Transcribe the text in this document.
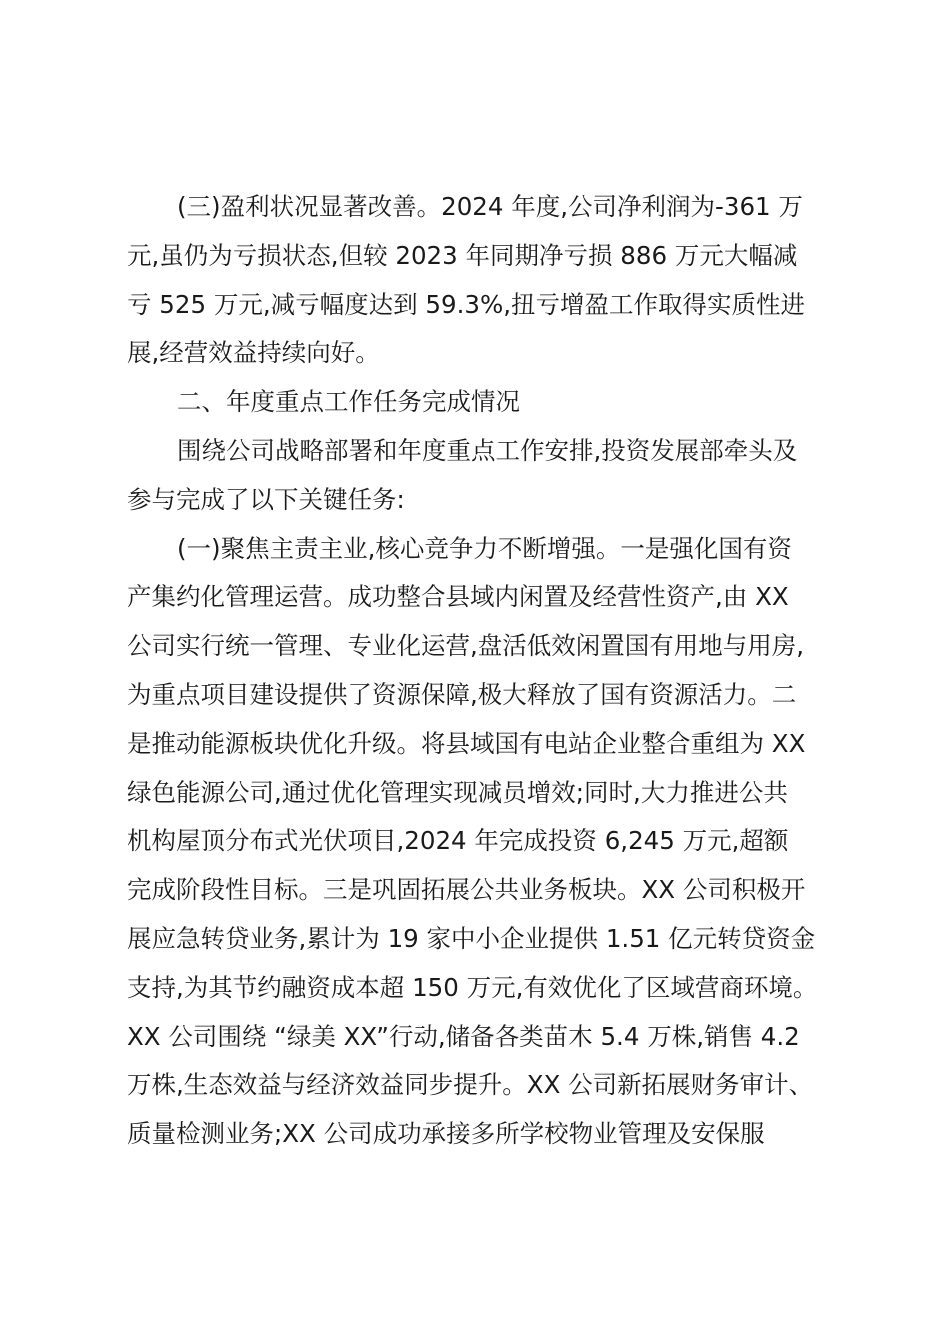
(三)盈利状况显著改善。2024 年度,公司净利润为-361 万
元,虽仍为亏损状态,但较 2023 年同期净亏损 886 万元大幅减
亏 525 万元,减亏幅度达到 59.3%,扭亏增盈工作取得实质性进
展,经营效益持续向好。
二、年度重点工作任务完成情况
围绕公司战略部署和年度重点工作安排,投资发展部牵头及
参与完成了以下关键任务:
(一)聚焦主责主业,核心竞争力不断增强。一是强化国有资
产集约化管理运营。成功整合县域内闲置及经营性资产,由 XX
公司实行统一管理、专业化运营,盘活低效闲置国有用地与用房,
为重点项目建设提供了资源保障,极大释放了国有资源活力。二
是推动能源板块优化升级。将县域国有电站企业整合重组为 XX
绿色能源公司,通过优化管理实现减员增效;同时,大力推进公共
机构屋顶分布式光伏项目,2024 年完成投资 6,245 万元,超额
完成阶段性目标。三是巩固拓展公共业务板块。XX 公司积极开
展应急转贷业务,累计为 19 家中小企业提供 1.51 亿元转贷资金
支持,为其节约融资成本超 150 万元,有效优化了区域营商环境。
XX 公司围绕 “绿美 XX”行动,储备各类苗木 5.4 万株,销售 4.2
万株,生态效益与经济效益同步提升。XX 公司新拓展财务审计、
质量检测业务;XX 公司成功承接多所学校物业管理及安保服
